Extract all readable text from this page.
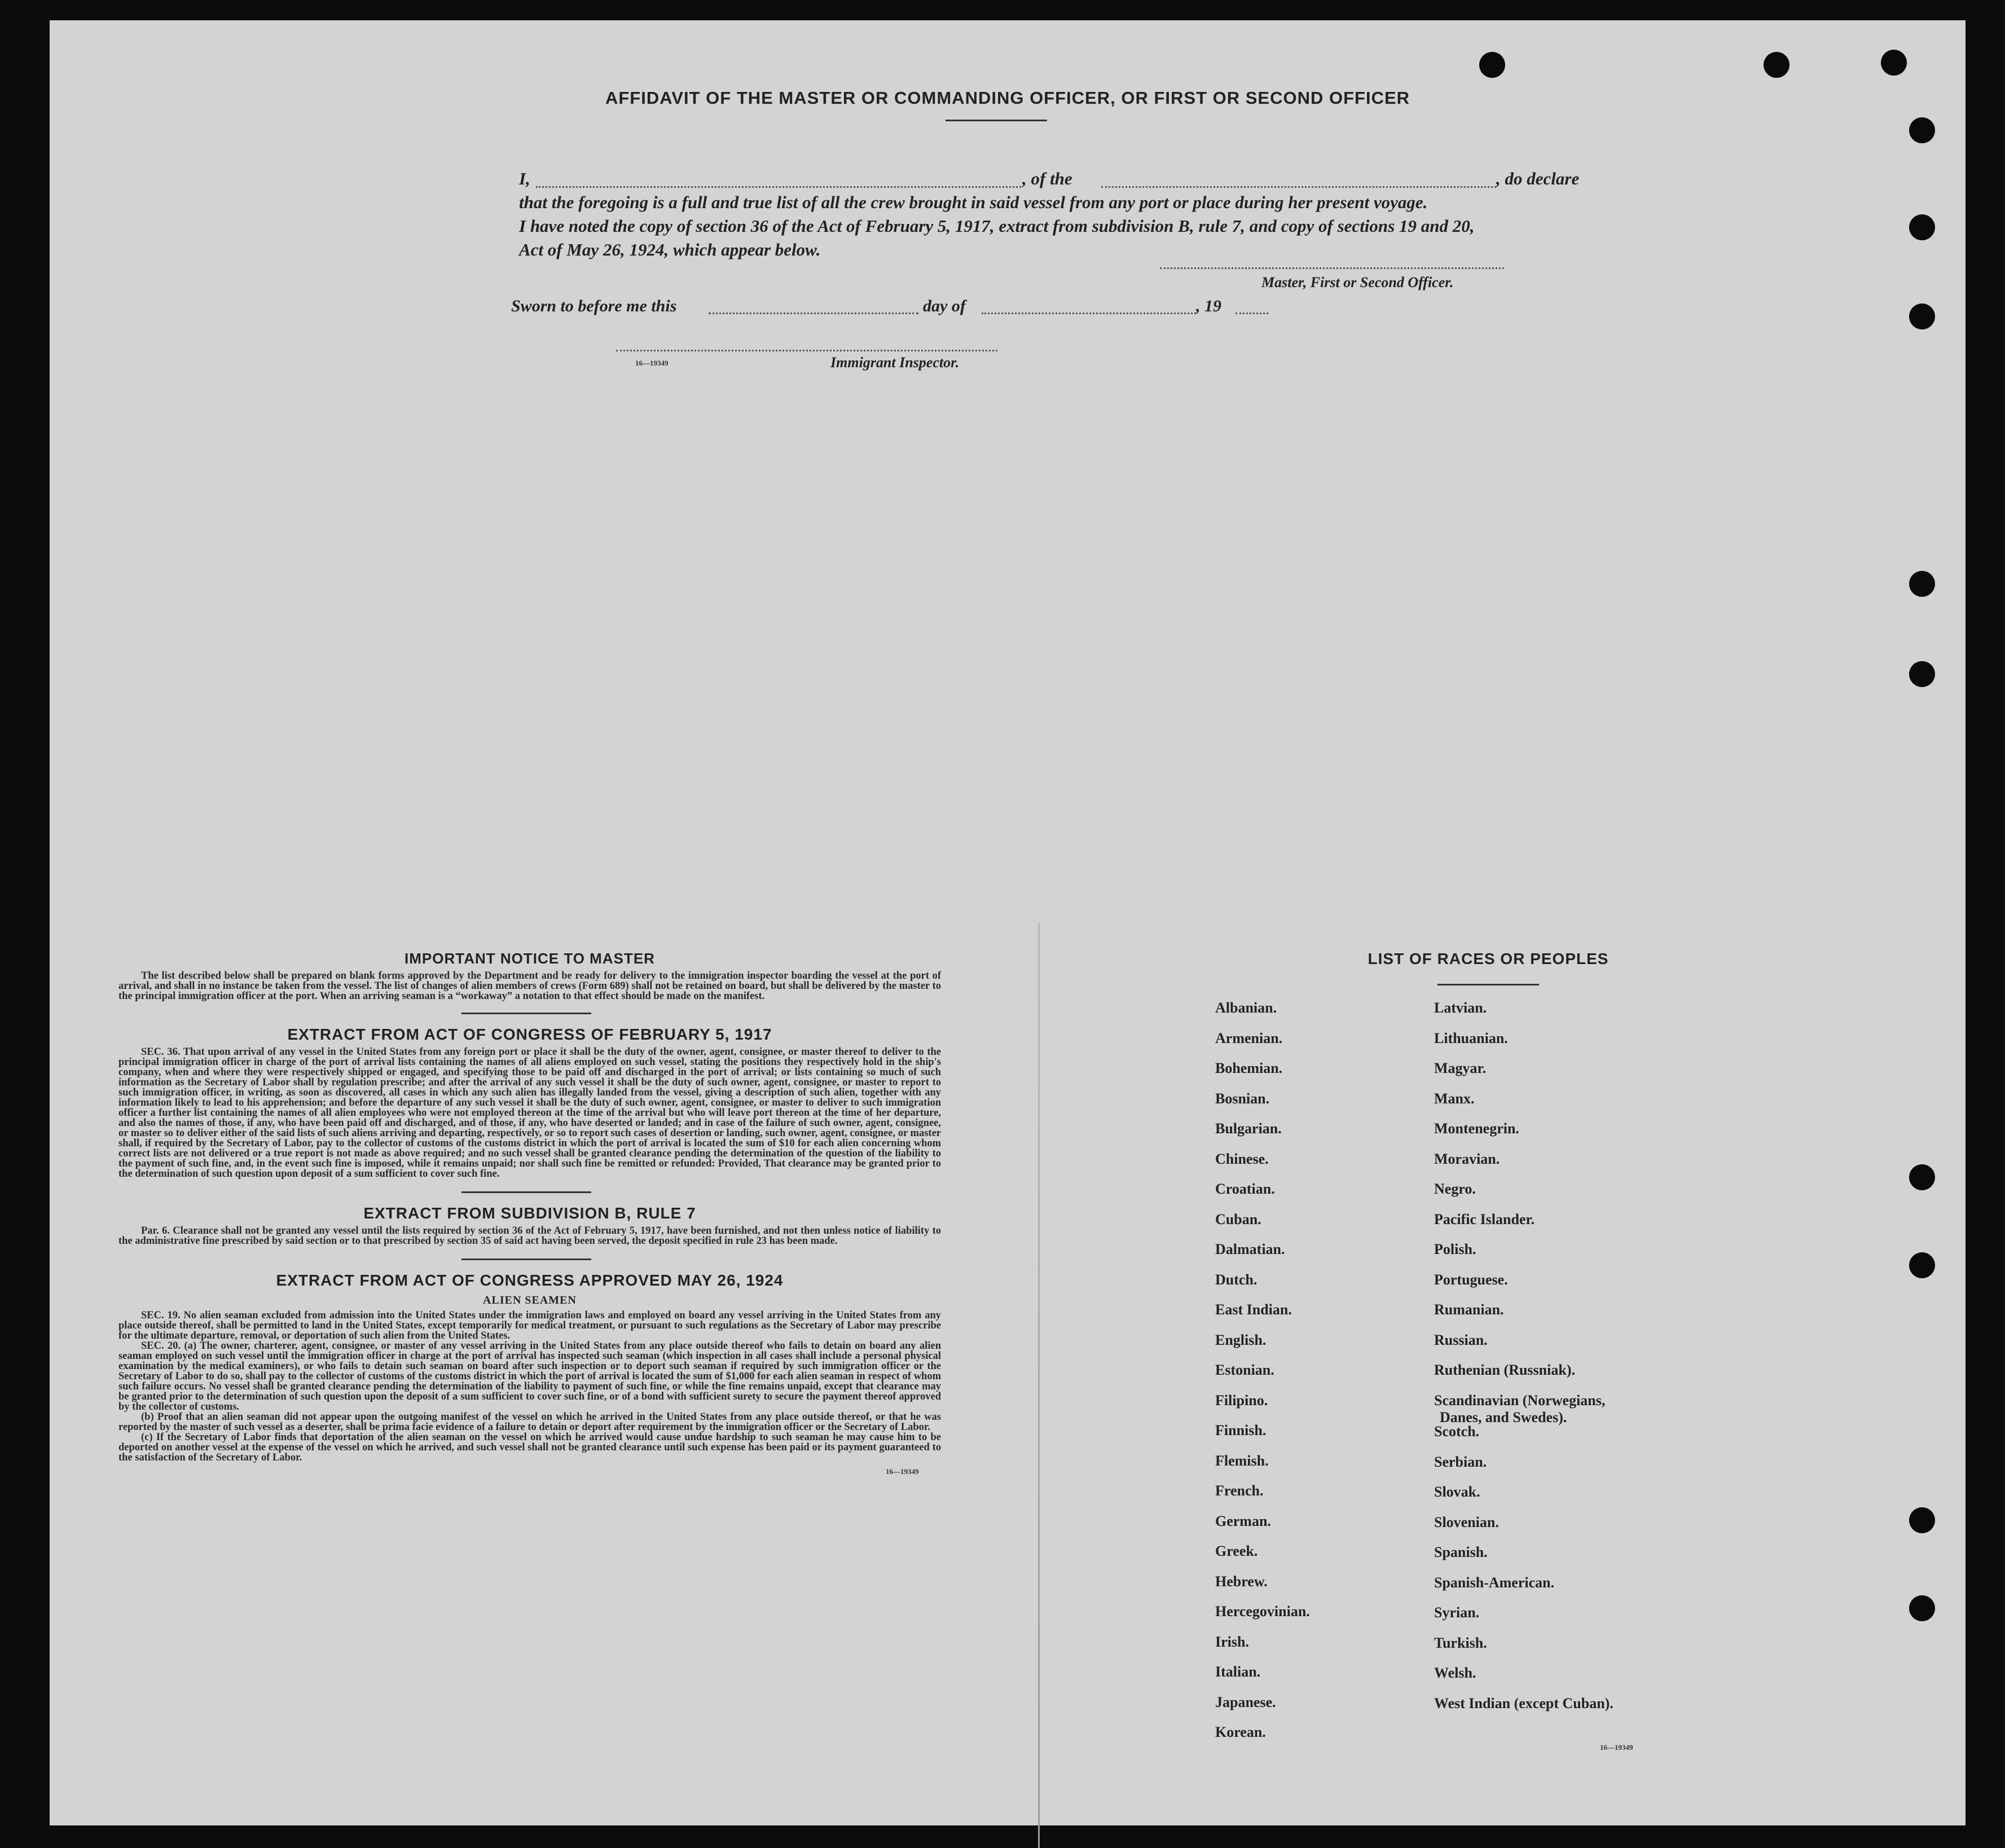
AFFIDAVIT OF THE MASTER OR COMMANDING OFFICER, OR FIRST OR SECOND OFFICER
I,	, of the	, do declare
that the foregoing is a full and true list of all the crew brought in said vessel from any port or place during her present voyage.
I have noted the copy of section 36 of the Act of February 5, 1917, extract from subdivision B, rule 7, and copy of sections 19 and 20,
Act of May 26, 1924, which appear below.
Master, First or Second Officer.
Sworn to before me this	day of	, 19
16—19349	Immigrant Inspector.
IMPORTANT NOTICE TO MASTER

The list described below shall be prepared on blank forms approved by the Department and be ready for delivery to the immigration inspector boarding the vessel at the port of arrival, and shall in no instance be taken from the vessel. The list of changes of alien members of crews (Form 689) shall not be retained on board, but shall be delivered by the master to the principal immigration officer at the port. When an arriving seaman is a “workaway” a notation to that effect should be made on the manifest.

EXTRACT FROM ACT OF CONGRESS OF FEBRUARY 5, 1917

SEC. 36. That upon arrival of any vessel in the United States from any foreign port or place it shall be the duty of the owner, agent, consignee, or master thereof to deliver to the principal immigration officer in charge of the port of arrival lists containing the names of all aliens employed on such vessel, stating the positions they respectively hold in the ship's company, when and where they were respectively shipped or engaged, and specifying those to be paid off and discharged in the port of arrival; or lists containing so much of such information as the Secretary of Labor shall by regulation prescribe; and after the arrival of any such vessel it shall be the duty of such owner, agent, consignee, or master to report to such immigration officer, in writing, as soon as discovered, all cases in which any such alien has illegally landed from the vessel, giving a description of such alien, together with any information likely to lead to his apprehension; and before the departure of any such vessel it shall be the duty of such owner, agent, consignee, or master to deliver to such immigration officer a further list containing the names of all alien employees who were not employed thereon at the time of the arrival but who will leave port thereon at the time of her departure, and also the names of those, if any, who have been paid off and discharged, and of those, if any, who have deserted or landed; and in case of the failure of such owner, agent, consignee, or master so to deliver either of the said lists of such aliens arriving and departing, respectively, or so to report such cases of desertion or landing, such owner, agent, consignee, or master shall, if required by the Secretary of Labor, pay to the collector of customs of the customs district in which the port of arrival is located the sum of $10 for each alien concerning whom correct lists are not delivered or a true report is not made as above required; and no such vessel shall be granted clearance pending the determination of the question of the liability to the payment of such fine, and, in the event such fine is imposed, while it remains unpaid; nor shall such fine be remitted or refunded: Provided, That clearance may be granted prior to the determination of such question upon deposit of a sum sufficient to cover such fine.

EXTRACT FROM SUBDIVISION B, RULE 7

Par. 6. Clearance shall not be granted any vessel until the lists required by section 36 of the Act of February 5, 1917, have been furnished, and not then unless notice of liability to the administrative fine prescribed by said section or to that prescribed by section 35 of said act having been served, the deposit specified in rule 23 has been made.

EXTRACT FROM ACT OF CONGRESS APPROVED MAY 26, 1924
ALIEN SEAMEN

SEC. 19. No alien seaman excluded from admission into the United States under the immigration laws and employed on board any vessel arriving in the United States from any place outside thereof, shall be permitted to land in the United States, except temporarily for medical treatment, or pursuant to such regulations as the Secretary of Labor may prescribe for the ultimate departure, removal, or deportation of such alien from the United States.

SEC. 20. (a) The owner, charterer, agent, consignee, or master of any vessel arriving in the United States from any place outside thereof who fails to detain on board any alien seaman employed on such vessel until the immigration officer in charge at the port of arrival has inspected such seaman (which inspection in all cases shall include a personal physical examination by the medical examiners), or who fails to detain such seaman on board after such inspection or to deport such seaman if required by such immigration officer or the Secretary of Labor to do so, shall pay to the collector of customs of the customs district in which the port of arrival is located the sum of $1,000 for each alien seaman in respect of whom such failure occurs. No vessel shall be granted clearance pending the determination of the liability to payment of such fine, or while the fine remains unpaid, except that clearance may be granted prior to the determination of such question upon the deposit of a sum sufficient to cover such fine, or of a bond with sufficient surety to secure the payment thereof approved by the collector of customs.

(b) Proof that an alien seaman did not appear upon the outgoing manifest of the vessel on which he arrived in the United States from any place outside thereof, or that he was reported by the master of such vessel as a deserter, shall be prima facie evidence of a failure to detain or deport after requirement by the immigration officer or the Secretary of Labor.

(c) If the Secretary of Labor finds that deportation of the alien seaman on the vessel on which he arrived would cause undue hardship to such seaman he may cause him to be deported on another vessel at the expense of the vessel on which he arrived, and such vessel shall not be granted clearance until such expense has been paid or its payment guaranteed to the satisfaction of the Secretary of Labor.

16—19349
LIST OF RACES OR PEOPLES
16—19349
Albanian.
Armenian.
Bohemian.
Bosnian.
Bulgarian.
Chinese.
Croatian.
Cuban.
Dalmatian.
Dutch.
East Indian.
English.
Estonian.
Filipino.
Finnish.
Flemish.
French.
German.
Greek.
Hebrew.
Hercegovinian.
Irish.
Italian.
Japanese.
Korean.
Latvian.
Lithuanian.
Magyar.
Manx.
Montenegrin.
Moravian.
Negro.
Pacific Islander.
Polish.
Portuguese.
Rumanian.
Russian.
Ruthenian (Russniak).
Scandinavian (Norwegians,
Danes, and Swedes).
Scotch.
Serbian.
Slovak.
Slovenian.
Spanish.
Spanish-American.
Syrian.
Turkish.
Welsh.
West Indian (except Cuban).
